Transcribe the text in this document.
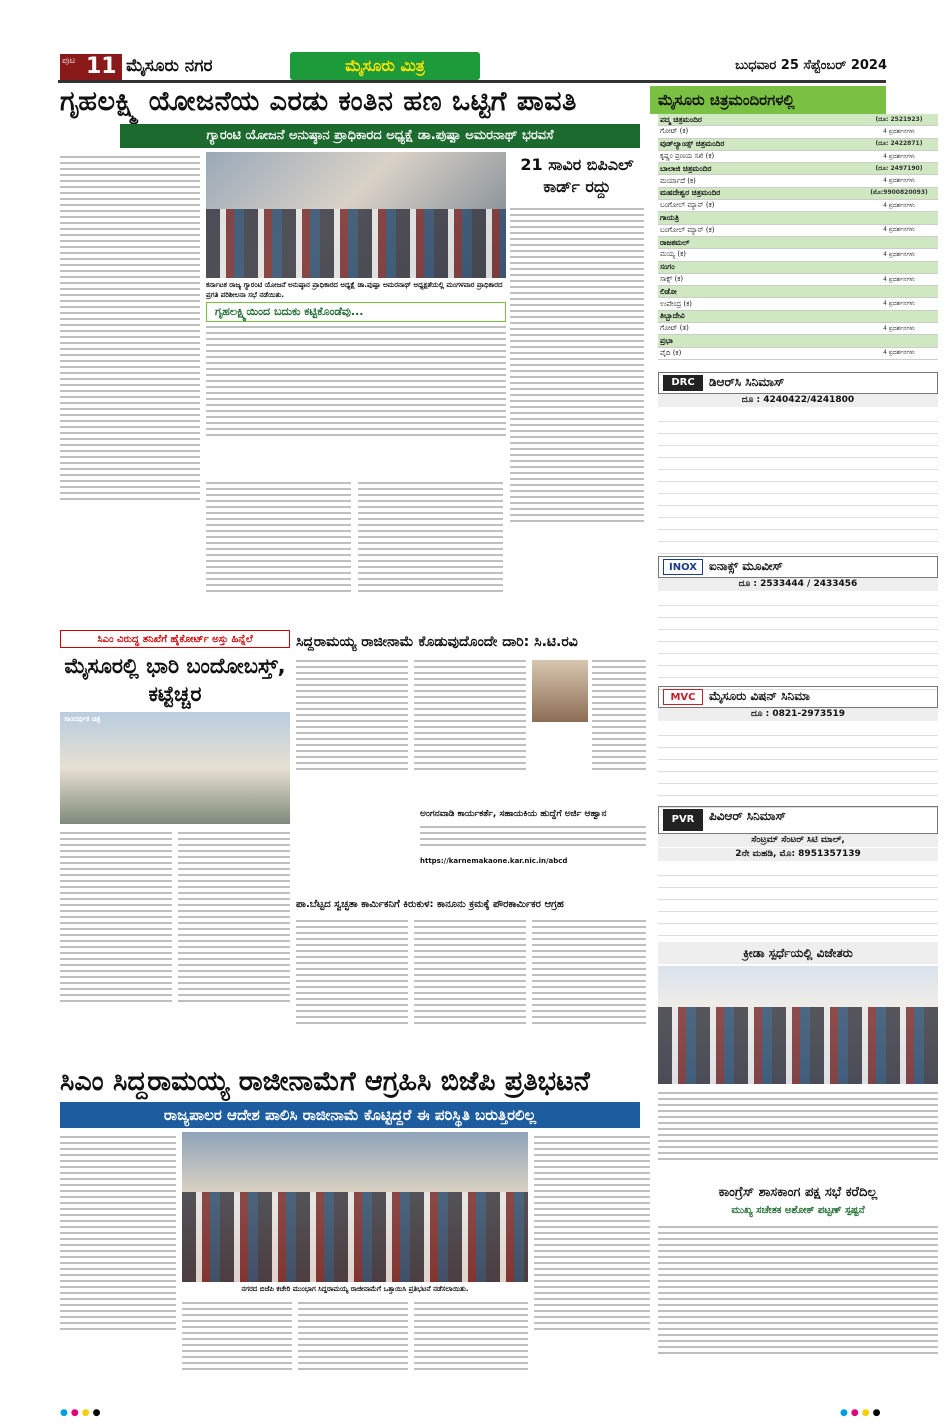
ಪುಟ 11 ಮೈಸೂರು ನಗರ	ಮೈಸೂರು ಮಿತ್ರ	ಬುಧವಾರ 25 ಸೆಪ್ಟೆಂಬರ್ 2024
ಗೃಹಲಕ್ಷ್ಮಿ ಯೋಜನೆಯ ಎರಡು ಕಂತಿನ ಹಣ ಒಟ್ಟಿಗೆ ಪಾವತಿ
ಗ್ಯಾರಂಟಿ ಯೋಜನೆ ಅನುಷ್ಠಾನ ಪ್ರಾಧಿಕಾರದ ಅಧ್ಯಕ್ಷೆ ಡಾ.ಪುಷ್ಪಾ ಅಮರನಾಥ್ ಭರವಸೆ
ಕರ್ನಾಟಕ ರಾಜ್ಯ ಗ್ಯಾರಂಟಿ ಯೋಜನೆ ಅನುಷ್ಠಾನ ಪ್ರಾಧಿಕಾರದ ಅಧ್ಯಕ್ಷೆ ಡಾ.ಪುಷ್ಪಾ ಅಮರನಾಥ್ ಅಧ್ಯಕ್ಷತೆಯಲ್ಲಿ ಮಂಗಳವಾರ ಪ್ರಾಧಿಕಾರದ ಪ್ರಗತಿ ಪರಿಶೀಲನಾ ಸಭೆ ನಡೆಯಿತು.
ಗೃಹಲಕ್ಷ್ಮಿಯಿಂದ ಬದುಕು ಕಟ್ಟಿಕೊಂಡೆವು...
21 ಸಾವಿರ ಬಿಪಿಎಲ್ ಕಾರ್ಡ್ ರದ್ದು
ಸಿಎಂ ವಿರುದ್ಧ ತನಿಖೆಗೆ ಹೈಕೋರ್ಟ್ ಅಸ್ತು ಹಿನ್ನೆಲೆ
ಮೈಸೂರಲ್ಲಿ ಭಾರಿ ಬಂದೋಬಸ್ತ್, ಕಟ್ಟೆಚ್ಚರ
ಸಾಂದರ್ಭಿಕ ಚಿತ್ರ
ಸಿದ್ದರಾಮಯ್ಯ ರಾಜೀನಾಮೆ ಕೊಡುವುದೊಂದೇ ದಾರಿ: ಸಿ.ಟಿ.ರವಿ
ಅಂಗನವಾಡಿ ಕಾರ್ಯಕರ್ತೆ, ಸಹಾಯಕಿಯ ಹುದ್ದೆಗೆ ಅರ್ಜಿ ಆಹ್ವಾನ
https://karnemakaone.kar.nic.in/abcd
ಪಾ.ಬೆಟ್ಟದ ಸ್ವಚ್ಛತಾ ಕಾರ್ಮಿಕನಿಗೆ ಕಿರುಕುಳ: ಕಾನೂನು ಕ್ರಮಕ್ಕೆ ಪೌರಕಾರ್ಮಿಕರ ಆಗ್ರಹ
ಮೈಸೂರು ಚಿತ್ರಮಂದಿರಗಳಲ್ಲಿ
ಪದ್ಮ ಚಿತ್ರಮಂದಿರ	(ದೂ: 2521923)
ಗೋಟ್ (ಕ)	4 ಪ್ರದರ್ಶನಗಳು
ವುಡ್‌ಲ್ಯಾಂಡ್ಸ್ ಚಿತ್ರಮಂದಿರ	(ದೂ: 2422871)
ಕೃಷ್ಣಂ ಪ್ರಣಯ ಸಖಿ (ಕ)	4 ಪ್ರದರ್ಶನಗಳು
ಬಾಲಾಜಿ ಚಿತ್ರಮಂದಿರ	(ದೂ: 2497190)
ಮರ್ಯಾದೆ (ಕ)	4 ಪ್ರದರ್ಶನಗಳು
ಮಹದೇಶ್ವರ ಚಿತ್ರಮಂದಿರ	(ಮೊ:9900820093)
ಬಂಗೋಲ್ ಮ್ಯಾನ್ (ಕ)	4 ಪ್ರದರ್ಶನಗಳು
ಗಾಯತ್ರಿ
ಬಂಗೋಲ್ ಮ್ಯಾನ್ (ಕ)	4 ಪ್ರದರ್ಶನಗಳು
ರಾಜಕಮಲ್
ಮಯ್ಯ (ಕ)	4 ಪ್ರದರ್ಶನಗಳು
ಸಂಗಂ
ಸಾಕ್ಸ್ (ಕ)	4 ಪ್ರದರ್ಶನಗಳು
ಲಿಡೋ
ಉಪೇಂದ್ರ (ಕ)	4 ಪ್ರದರ್ಶನಗಳು
ತಿಬ್ಬಾದೇವಿ
ಗೋಟ್ (ತ)	4 ಪ್ರದರ್ಶನಗಳು
ಪ್ರಭಾ
ವೈದಿ (ಕ)	4 ಪ್ರದರ್ಶನಗಳು
DRC	ಡಿಆರ್‌ಸಿ ಸಿನಿಮಾಸ್
ದೂ : 4240422/4241800

INOX	ಐನಾಕ್ಸ್ ಮೂವೀಸ್
ದೂ : 2533444 / 2433456

MVC	ಮೈಸೂರು ವಿಷನ್ ಸಿನಿಮಾ
ದೂ : 0821-2973519

PVR	ಪಿವಿಆರ್ ಸಿನಿಮಾಸ್
ಸೆಂಟ್ರಮ್ ಸೆಂಟರ್ ಸಿಟಿ ಮಾಲ್,
2ನೇ ಮಹಡಿ, ಮೊ: 8951357139

ಕ್ರೀಡಾ ಸ್ಪರ್ಧೆಯಲ್ಲಿ ವಿಜೇತರು
ಕಾಂಗ್ರೆಸ್ ಶಾಸಕಾಂಗ ಪಕ್ಷ ಸಭೆ ಕರೆದಿಲ್ಲ
ಮುಖ್ಯ ಸಚೇತಕ ಅಶೋಕ್ ಪಟ್ಟಣ್ ಸ್ಪಷ್ಟನೆ
ಸಿಎಂ ಸಿದ್ದರಾಮಯ್ಯ ರಾಜೀನಾಮೆಗೆ ಆಗ್ರಹಿಸಿ ಬಿಜೆಪಿ ಪ್ರತಿಭಟನೆ
ರಾಜ್ಯಪಾಲರ ಆದೇಶ ಪಾಲಿಸಿ ರಾಜೀನಾಮೆ ಕೊಟ್ಟಿದ್ದರೆ ಈ ಪರಿಸ್ಥಿತಿ ಬರುತ್ತಿರಲಿಲ್ಲ
ನಗರದ ಬಿಜೆಪಿ ಕಚೇರಿ ಮುಂಭಾಗ ಸಿದ್ದರಾಮಯ್ಯ ರಾಜೀನಾಮೆಗೆ ಒತ್ತಾಯಿಸಿ ಪ್ರತಿಭಟನೆ ನಡೆಸಲಾಯಿತು.
●●●●	●●●●
